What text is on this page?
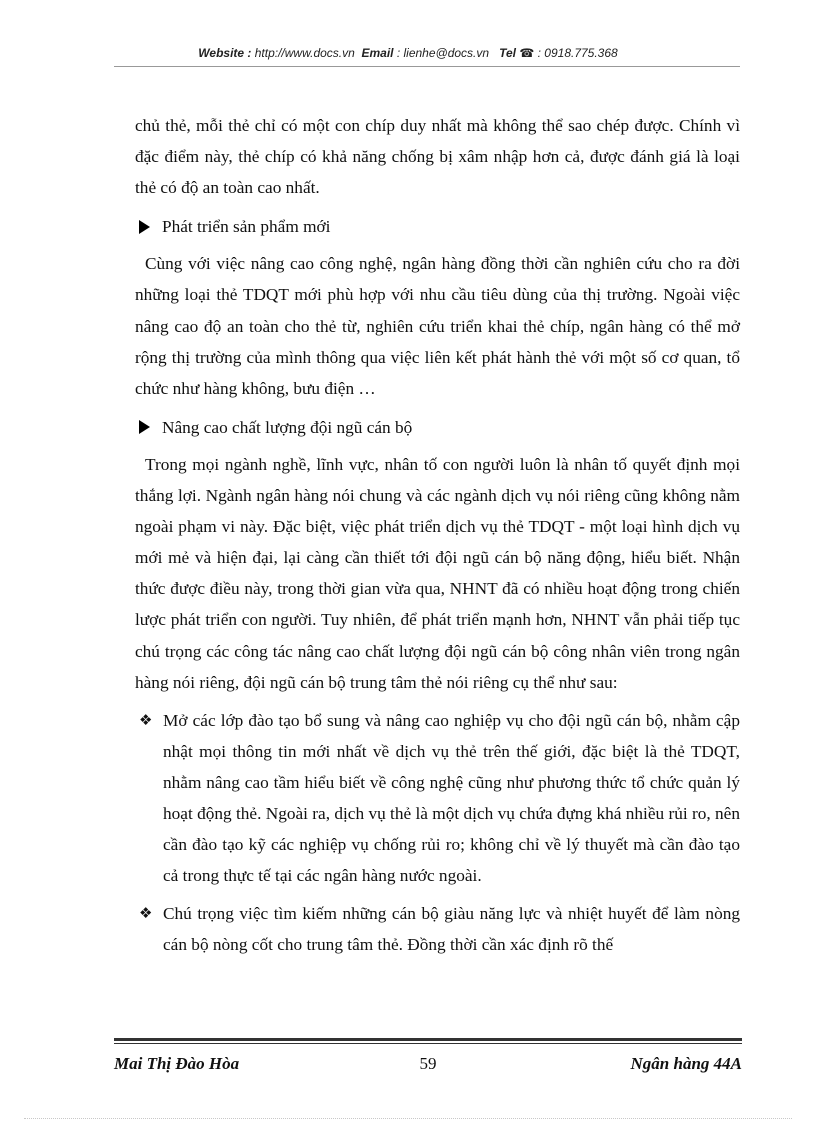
Website : http://www.docs.vn Email : lienhe@docs.vn Tel ☎ : 0918.775.368

chủ thẻ, mỗi thẻ chỉ có một con chíp duy nhất mà không thể sao chép được. Chính vì đặc điểm này, thẻ chíp có khả năng chống bị xâm nhập hơn cả, được đánh giá là loại thẻ có độ an toàn cao nhất.

Phát triển sản phẩm mới

Cùng với việc nâng cao công nghệ, ngân hàng đồng thời cần nghiên cứu cho ra đời những loại thẻ TDQT mới phù hợp với nhu cầu tiêu dùng của thị trường. Ngoài việc nâng cao độ an toàn cho thẻ từ, nghiên cứu triển khai thẻ chíp, ngân hàng có thể mở rộng thị trường của mình thông qua việc liên kết phát hành thẻ với một số cơ quan, tổ chức như hàng không, bưu điện …

Nâng cao chất lượng đội ngũ cán bộ

Trong mọi ngành nghề, lĩnh vực, nhân tố con người luôn là nhân tố quyết định mọi thắng lợi. Ngành ngân hàng nói chung và các ngành dịch vụ nói riêng cũng không nằm ngoài phạm vi này. Đặc biệt, việc phát triển dịch vụ thẻ TDQT - một loại hình dịch vụ mới mẻ và hiện đại, lại càng cần thiết tới đội ngũ cán bộ năng động, hiểu biết. Nhận thức được điều này, trong thời gian vừa qua, NHNT đã có nhiều hoạt động trong chiến lược phát triển con người. Tuy nhiên, để phát triển mạnh hơn, NHNT vẫn phải tiếp tục chú trọng các công tác nâng cao chất lượng đội ngũ cán bộ công nhân viên trong ngân hàng nói riêng, đội ngũ cán bộ trung tâm thẻ nói riêng cụ thể như sau:

❖ Mở các lớp đào tạo bổ sung và nâng cao nghiệp vụ cho đội ngũ cán bộ, nhằm cập nhật mọi thông tin mới nhất về dịch vụ thẻ trên thế giới, đặc biệt là thẻ TDQT, nhằm nâng cao tầm hiểu biết về công nghệ cũng như phương thức tổ chức quản lý hoạt động thẻ. Ngoài ra, dịch vụ thẻ là một dịch vụ chứa đựng khá nhiều rủi ro, nên cần đào tạo kỹ các nghiệp vụ chống rủi ro; không chỉ về lý thuyết mà cần đào tạo cả trong thực tế tại các ngân hàng nước ngoài.
❖ Chú trọng việc tìm kiếm những cán bộ giàu năng lực và nhiệt huyết để làm nòng cán bộ nòng cốt cho trung tâm thẻ. Đồng thời cần xác định rõ thế
59
Mai Thị Đào Hòa	Ngân hàng 44A
